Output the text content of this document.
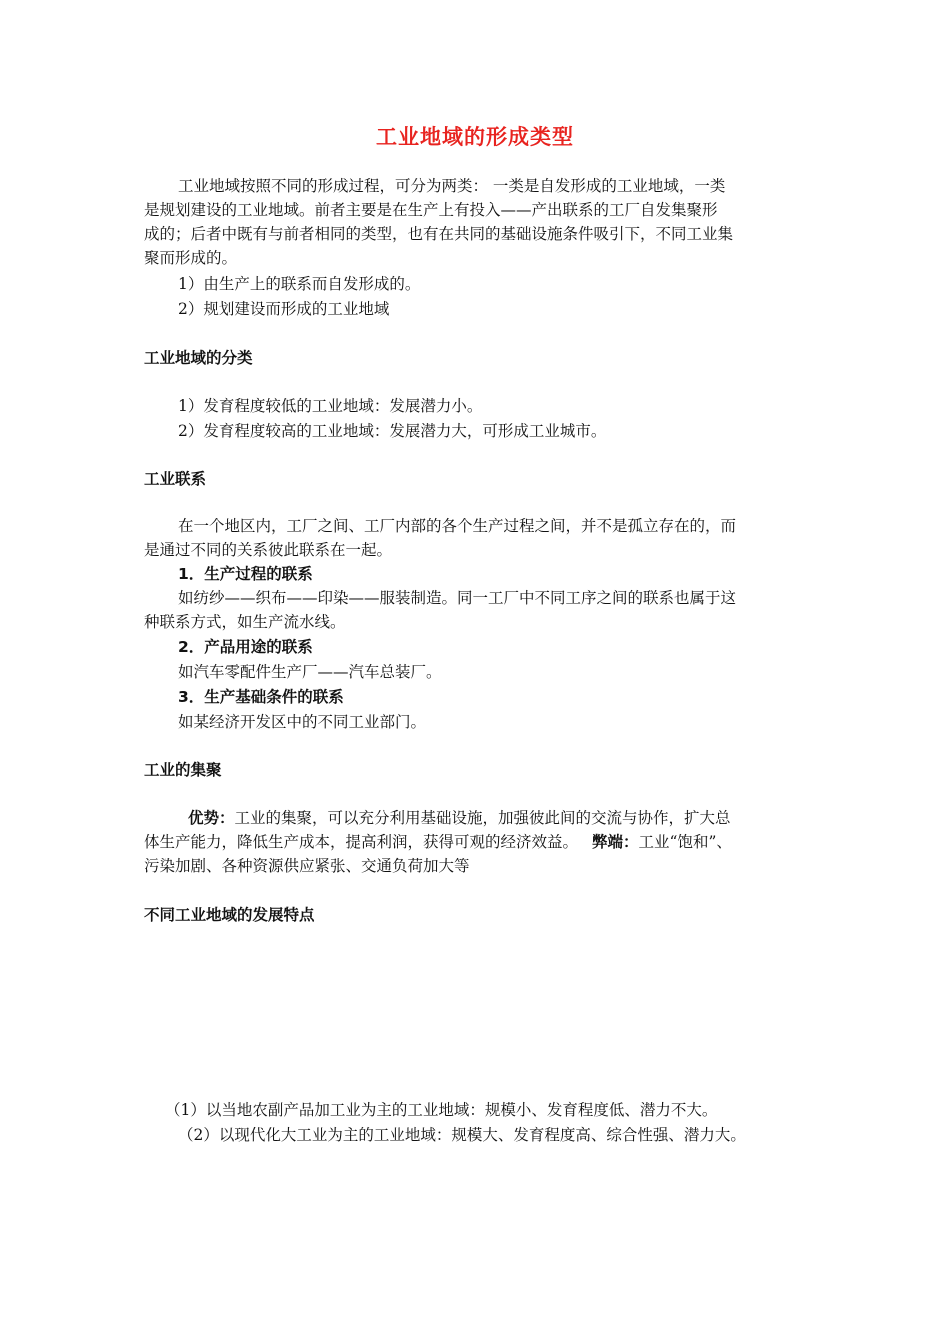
工业地域的形成类型
工业地域按照不同的形成过程，可分为两类： 一类是自发形成的工业地域，一类
是规划建设的工业地域。前者主要是在生产上有投入——产出联系的工厂自发集聚形
成的；后者中既有与前者相同的类型，也有在共同的基础设施条件吸引下，不同工业集
聚而形成的。
1）由生产上的联系而自发形成的。
2）规划建设而形成的工业地域
工业地域的分类
1）发育程度较低的工业地域：发展潜力小。
2）发育程度较高的工业地域：发展潜力大，可形成工业城市。
工业联系
在一个地区内，工厂之间、工厂内部的各个生产过程之间，并不是孤立存在的，而
是通过不同的关系彼此联系在一起。
1．生产过程的联系
如纺纱——织布——印染——服装制造。同一工厂中不同工序之间的联系也属于这
种联系方式，如生产流水线。
2．产品用途的联系
如汽车零配件生产厂——汽车总装厂。
3．生产基础条件的联系
如某经济开发区中的不同工业部门。
工业的集聚
优势：工业的集聚，可以充分利用基础设施，加强彼此间的交流与协作，扩大总
体生产能力，降低生产成本，提高利润，获得可观的经济效益。 弊端：工业“饱和”、
污染加剧、各种资源供应紧张、交通负荷加大等
不同工业地域的发展特点
（1）以当地农副产品加工业为主的工业地域：规模小、发育程度低、潜力不大。
（2）以现代化大工业为主的工业地域：规模大、发育程度高、综合性强、潜力大。
